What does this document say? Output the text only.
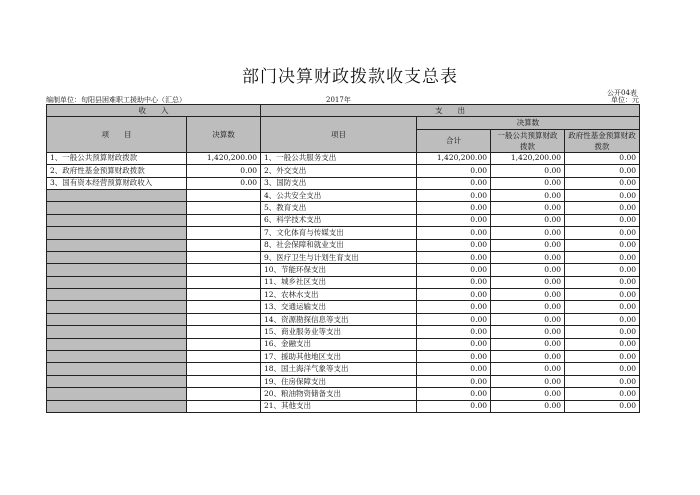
部门决算财政拨款收支总表
公开04表
编制单位：旬阳县困难职工援助中心（汇总）	2017年	单位：元
收　　入		支　　出			
项　　目	决算数	项目	决算数		
			合计	一般公共预算财政拨款	政府性基金预算财政拨款

1、一般公共预算财政拨款	1,420,200.00	1、一般公共服务支出	1,420,200.00	1,420,200.00	0.00
2、政府性基金预算财政拨款	0.00	2、外交支出	0.00	0.00	0.00
3、国有资本经营预算财政收入	0.00	3、国防支出	0.00	0.00	0.00
		4、公共安全支出	0.00	0.00	0.00
		5、教育支出	0.00	0.00	0.00
		6、科学技术支出	0.00	0.00	0.00
		7、文化体育与传媒支出	0.00	0.00	0.00
		8、社会保障和就业支出	0.00	0.00	0.00
		9、医疗卫生与计划生育支出	0.00	0.00	0.00
		10、节能环保支出	0.00	0.00	0.00
		11、城乡社区支出	0.00	0.00	0.00
		12、农林水支出	0.00	0.00	0.00
		13、交通运输支出	0.00	0.00	0.00
		14、资源勘探信息等支出	0.00	0.00	0.00
		15、商业服务业等支出	0.00	0.00	0.00
		16、金融支出	0.00	0.00	0.00
		17、援助其他地区支出	0.00	0.00	0.00
		18、国土海洋气象等支出	0.00	0.00	0.00
		19、住房保障支出	0.00	0.00	0.00
		20、粮油物资储备支出	0.00	0.00	0.00
		21、其他支出	0.00	0.00	0.00
